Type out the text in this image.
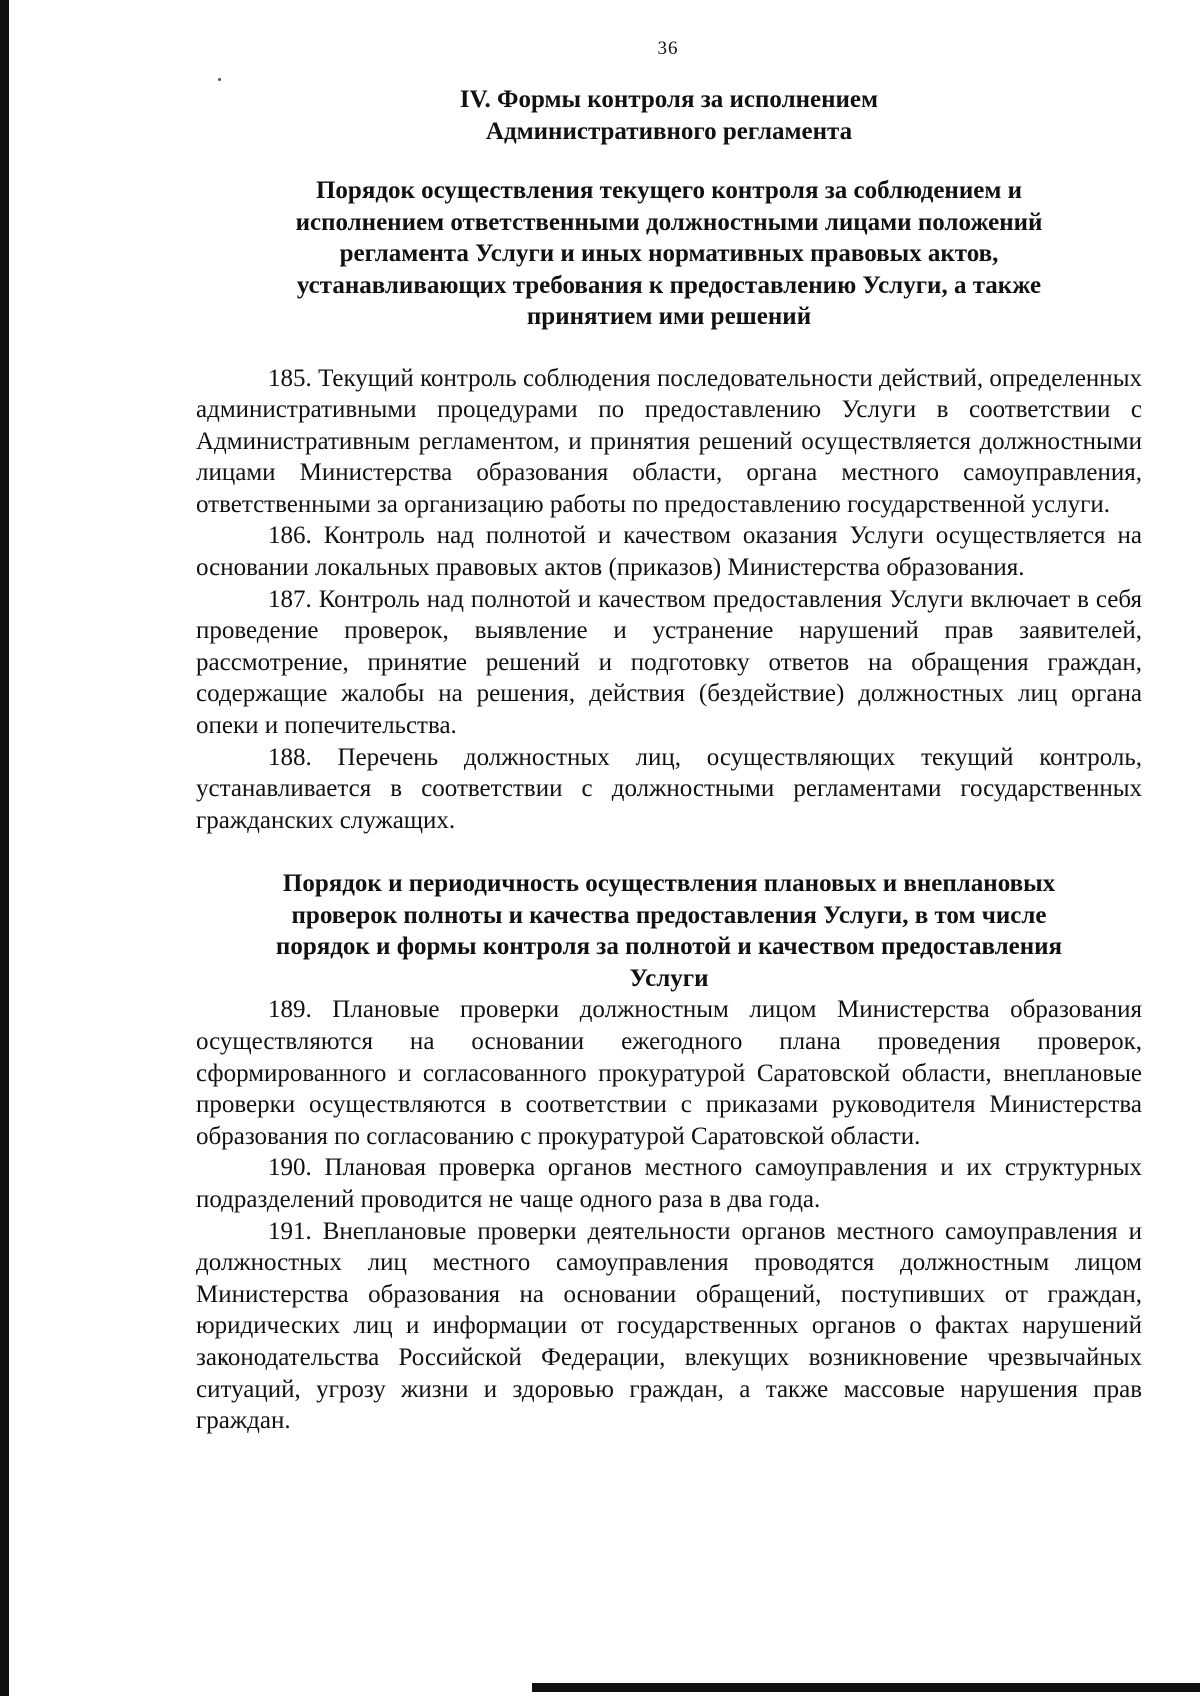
36
IV. Формы контроля за исполнением
Административного регламента
Порядок осуществления текущего контроля за соблюдением и
исполнением ответственными должностными лицами положений
регламента Услуги и иных нормативных правовых актов,
устанавливающих требования к предоставлению Услуги, а также
принятием ими решений

185. Текущий контроль соблюдения последовательности действий, определенных административными процедурами по предоставлению Услуги в соответствии с Административным регламентом, и принятия решений осуществляется должностными лицами Министерства образования области, органа местного самоуправления, ответственными за организацию работы по предоставлению государственной услуги.

186. Контроль над полнотой и качеством оказания Услуги осуществляется на основании локальных правовых актов (приказов) Министерства образования.

187. Контроль над полнотой и качеством предоставления Услуги включает в себя проведение проверок, выявление и устранение нарушений прав заявителей, рассмотрение, принятие решений и подготовку ответов на обращения граждан, содержащие жалобы на решения, действия (бездействие) должностных лиц органа опеки и попечительства.

188. Перечень должностных лиц, осуществляющих текущий контроль, устанавливается в соответствии с должностными регламентами государственных гражданских служащих.

Порядок и периодичность осуществления плановых и внеплановых
проверок полноты и качества предоставления Услуги, в том числе
порядок и формы контроля за полнотой и качеством предоставления
Услуги

189. Плановые проверки должностным лицом Министерства образования осуществляются на основании ежегодного плана проведения проверок, сформированного и согласованного прокуратурой Саратовской области, внеплановые проверки осуществляются в соответствии с приказами руководителя Министерства образования по согласованию с прокуратурой Саратовской области.

190. Плановая проверка органов местного самоуправления и их структурных подразделений проводится не чаще одного раза в два года.

191. Внеплановые проверки деятельности органов местного самоуправления и должностных лиц местного самоуправления проводятся должностным лицом Министерства образования на основании обращений, поступивших от граждан, юридических лиц и информации от государственных органов о фактах нарушений законодательства Российской Федерации, влекущих возникновение чрезвычайных ситуаций, угрозу жизни и здоровью граждан, а также массовые нарушения прав граждан.
